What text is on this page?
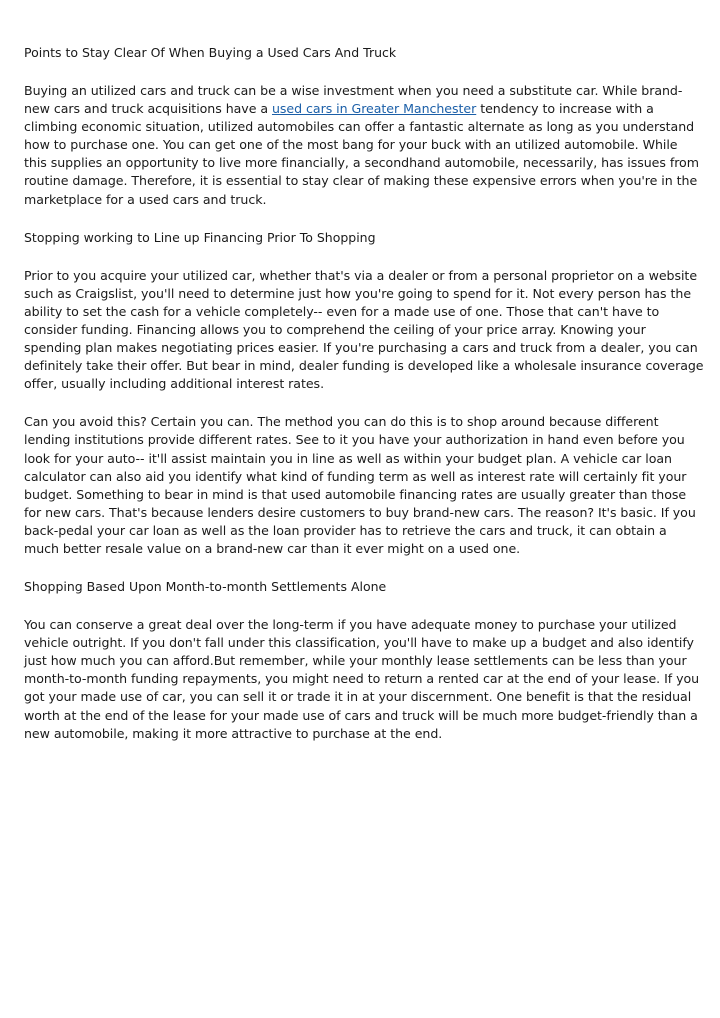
Points to Stay Clear Of When Buying a Used Cars And Truck

Buying an utilized cars and truck can be a wise investment when you need a substitute car. While brand-new cars and truck acquisitions have a used cars in Greater Manchester tendency to increase with a climbing economic situation, utilized automobiles can offer a fantastic alternate as long as you understand how to purchase one. You can get one of the most bang for your buck with an utilized automobile. While this supplies an opportunity to live more financially, a secondhand automobile, necessarily, has issues from routine damage. Therefore, it is essential to stay clear of making these expensive errors when you're in the marketplace for a used cars and truck.

Stopping working to Line up Financing Prior To Shopping

Prior to you acquire your utilized car, whether that's via a dealer or from a personal proprietor on a website such as Craigslist, you'll need to determine just how you're going to spend for it. Not every person has the ability to set the cash for a vehicle completely-- even for a made use of one. Those that can't have to consider funding. Financing allows you to comprehend the ceiling of your price array. Knowing your spending plan makes negotiating prices easier. If you're purchasing a cars and truck from a dealer, you can definitely take their offer. But bear in mind, dealer funding is developed like a wholesale insurance coverage offer, usually including additional interest rates.

Can you avoid this? Certain you can. The method you can do this is to shop around because different lending institutions provide different rates. See to it you have your authorization in hand even before you look for your auto-- it'll assist maintain you in line as well as within your budget plan. A vehicle car loan calculator can also aid you identify what kind of funding term as well as interest rate will certainly fit your budget. Something to bear in mind is that used automobile financing rates are usually greater than those for new cars. That's because lenders desire customers to buy brand-new cars. The reason? It's basic. If you back-pedal your car loan as well as the loan provider has to retrieve the cars and truck, it can obtain a much better resale value on a brand-new car than it ever might on a used one.

Shopping Based Upon Month-to-month Settlements Alone

You can conserve a great deal over the long-term if you have adequate money to purchase your utilized vehicle outright. If you don't fall under this classification, you'll have to make up a budget and also identify just how much you can afford.But remember, while your monthly lease settlements can be less than your month-to-month funding repayments, you might need to return a rented car at the end of your lease. If you got your made use of car, you can sell it or trade it in at your discernment. One benefit is that the residual worth at the end of the lease for your made use of cars and truck will be much more budget-friendly than a new automobile, making it more attractive to purchase at the end.
